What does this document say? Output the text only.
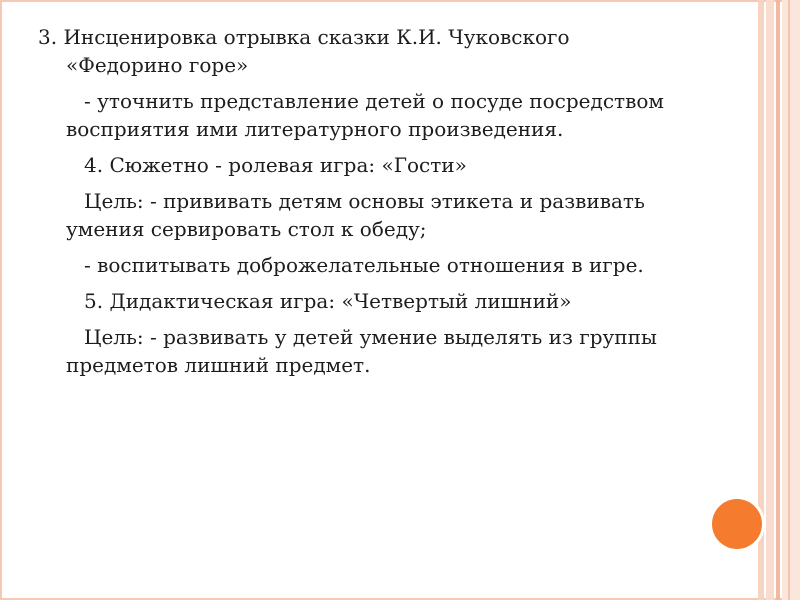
3. Инсценировка отрывка сказки К.И. Чуковского «Федорино горе»

- уточнить представление детей о посуде посредством восприятия ими литературного произведения.

4. Сюжетно - ролевая игра: «Гости»

Цель: - прививать детям основы этикета и развивать умения сервировать стол к обеду;

- воспитывать доброжелательные отношения в игре.

5. Дидактическая игра: «Четвертый лишний»

Цель: - развивать у детей умение выделять из группы предметов лишний предмет.
